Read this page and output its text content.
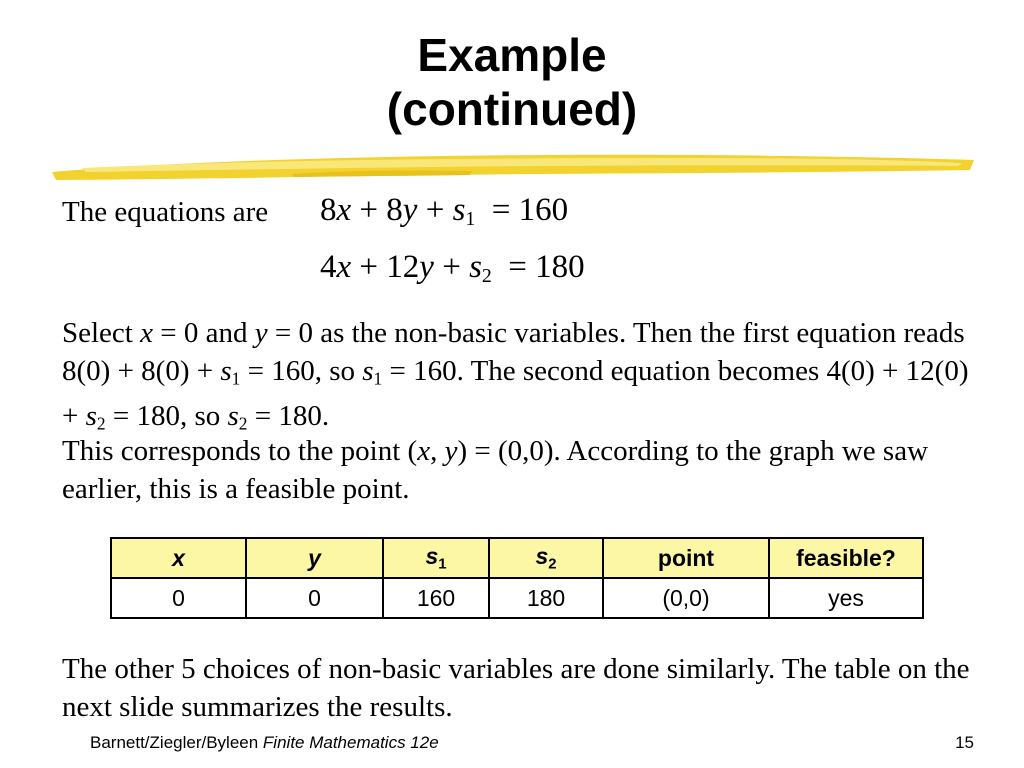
Example
(continued)
The equations are $8x + 8y + s_1 = 160$
$4x + 12y + s_2 = 180$
Select x = 0 and y = 0 as the non-basic variables. Then the first equation reads $8(0) + 8(0) + s_1 = 160$, so $s_1 = 160$. The second equation becomes $4(0) + 12(0) + s_2 = 180$, so $s_2 = 180$.
This corresponds to the point (x, y) = (0,0). According to the graph we saw earlier, this is a feasible point.
x	y	$s_1$	$s_2$	point	feasible?
0	0	160	180	(0,0)	yes
The other 5 choices of non-basic variables are done similarly. The table on the next slide summarizes the results.
Barnett/Ziegler/Byleen Finite Mathematics 12e	15
